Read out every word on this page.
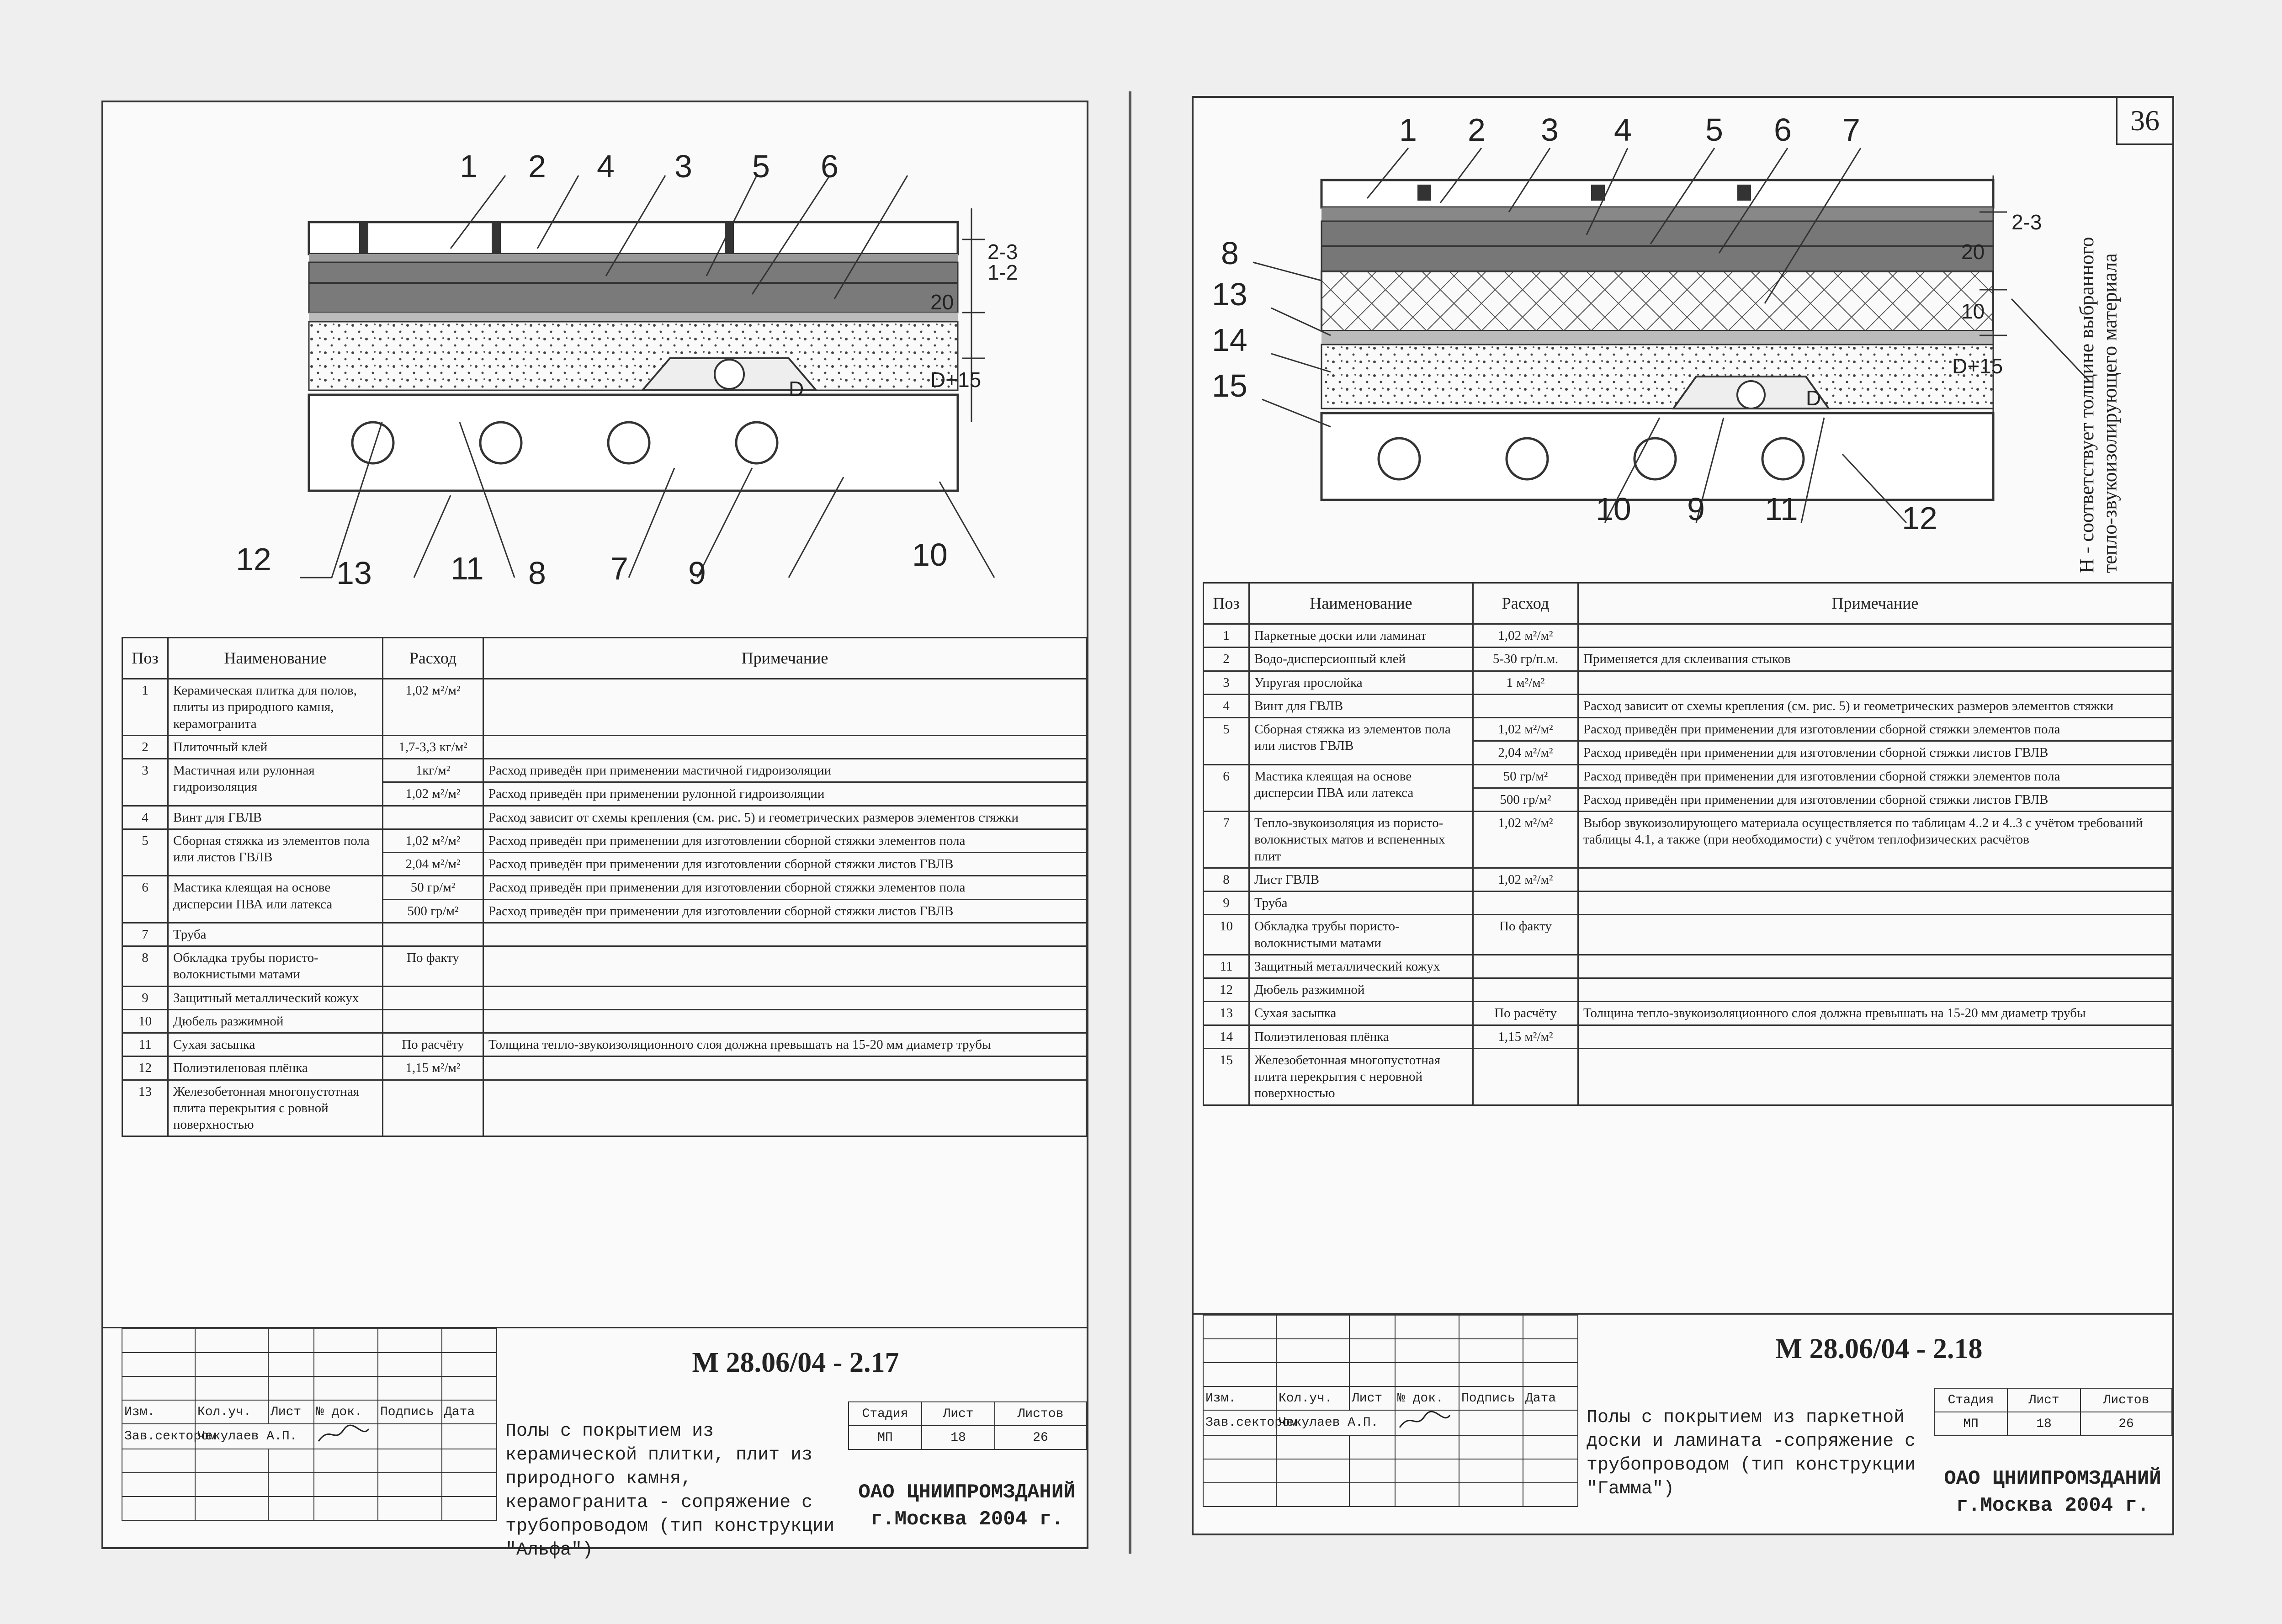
1 2 4 3 5 6
12 13 11 8 7 9
10
2-3
1-2
20
D+15
D
Поз	Наименование	Расход	Примечание
1	Керамическая плитка для полов, плиты из природного камня, керамогранита	1,02 м²/м²	
2	Плиточный клей	1,7-3,3 кг/м²	
3	Мастичная или рулонная гидроизоляция	1кг/м²	Расход приведён при применении мастичной гидроизоляции
		1,02 м²/м²	Расход приведён при применении рулонной гидроизоляции
4	Винт для ГВЛВ		Расход зависит от схемы крепления (см. рис. 5) и геометрических размеров элементов стяжки
5	Сборная стяжка из элементов пола или листов ГВЛВ	1,02 м²/м²	Расход приведён при применении для изготовлении сборной стяжки элементов пола
		2,04 м²/м²	Расход приведён при применении для изготовлении сборной стяжки листов ГВЛВ
6	Мастика клеящая на основе дисперсии ПВА или латекса	50 гр/м²	Расход приведён при применении для изготовлении сборной стяжки элементов пола
		500 гр/м²	Расход приведён при применении для изготовлении сборной стяжки листов ГВЛВ
7	Труба		
8	Обкладка трубы пористо-волокнистыми матами	По факту	
9	Защитный металлический кожух		
10	Дюбель разжимной		
11	Сухая засыпка	По расчёту	Толщина тепло-звукоизоляционного слоя должна превышать на 15-20 мм диаметр трубы
12	Полиэтиленовая плёнка	1,15 м²/м²	
13	Железобетонная многопустотная плита перекрытия с ровной поверхностью		

Изм.	Кол.уч.	Лист	№ док.	Подпись	Дата
Зав.сектором	Чекулаев А.П.			

М 28.06/04 - 2.17
Полы с покрытием из керамической плитки, плит из природного камня, керамогранита - сопряжение с трубопроводом (тип конструкции "Альфа")
Стадия	Лист	Листов
МП	18	26
ОАО ЦНИИПРОМЗДАНИЙ
г.Москва 2004 г.
36
1 2 3 4 5 6 7
8
13
14
15
10 9 11	12
2-3
20
10
D+15
D	Н - соответствует толщине выбранного тепло-звукоизолирующего материала
Поз	Наименование	Расход	Примечание
1	Паркетные доски или ламинат	1,02 м²/м²	
2	Водо-дисперсионный клей	5-30 гр/п.м.	Применяется для склеивания стыков
3	Упругая прослойка	1 м²/м²	
4	Винт для ГВЛВ		Расход зависит от схемы крепления (см. рис. 5) и геометрических размеров элементов стяжки
5	Сборная стяжка из элементов пола или листов ГВЛВ	1,02 м²/м²	Расход приведён при применении для изготовлении сборной стяжки элементов пола
		2,04 м²/м²	Расход приведён при применении для изготовлении сборной стяжки листов ГВЛВ
6	Мастика клеящая на основе дисперсии ПВА или латекса	50 гр/м²	Расход приведён при применении для изготовлении сборной стяжки элементов пола
		500 гр/м²	Расход приведён при применении для изготовлении сборной стяжки листов ГВЛВ
7	Тепло-звукоизоляция из пористо-волокнистых матов и вспененных плит	1,02 м²/м²	Выбор звукоизолирующего материала осуществляется по таблицам 4..2 и 4..3 с учётом требований таблицы 4.1, а также (при необходимости) с учётом теплофизических расчётов
8	Лист ГВЛВ	1,02 м²/м²	
9	Труба		
10	Обкладка трубы пористо-волокнистыми матами	По факту	
11	Защитный металлический кожух		
12	Дюбель разжимной		
13	Сухая засыпка	По расчёту	Толщина тепло-звукоизоляционного слоя должна превышать на 15-20 мм диаметр трубы
14	Полиэтиленовая плёнка	1,15 м²/м²	
15	Железобетонная многопустотная плита перекрытия с неровной поверхностью		

Изм.	Кол.уч.	Лист	№ док.	Подпись	Дата
Зав.сектором	Чекулаев А.П.			

М 28.06/04 - 2.18
Полы с покрытием из паркетной доски и ламината -сопряжение с трубопроводом (тип конструкции "Гамма")
Стадия	Лист	Листов
МП	18	26
ОАО ЦНИИПРОМЗДАНИЙ
г.Москва 2004 г.
